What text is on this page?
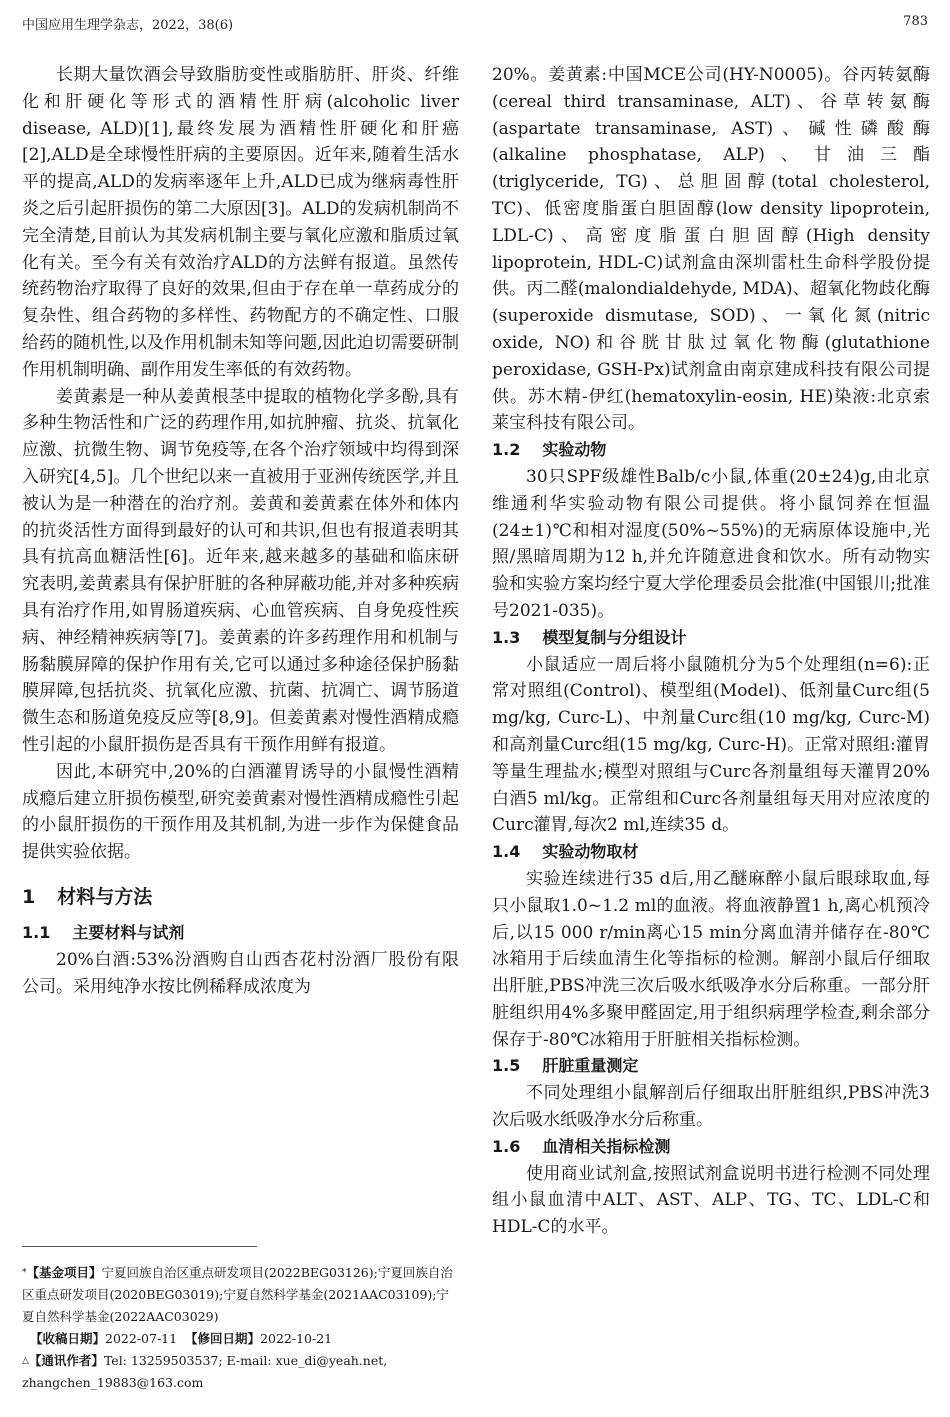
中国应用生理学杂志，2022，38(6)	783

长期大量饮酒会导致脂肪变性或脂肪肝、肝炎、纤维化和肝硬化等形式的酒精性肝病(alcoholic liver disease, ALD)[1],最终发展为酒精性肝硬化和肝癌[2],ALD是全球慢性肝病的主要原因。近年来,随着生活水平的提高,ALD的发病率逐年上升,ALD已成为继病毒性肝炎之后引起肝损伤的第二大原因[3]。ALD的发病机制尚不完全清楚,目前认为其发病机制主要与氧化应激和脂质过氧化有关。至今有关有效治疗ALD的方法鲜有报道。虽然传统药物治疗取得了良好的效果,但由于存在单一草药成分的复杂性、组合药物的多样性、药物配方的不确定性、口服给药的随机性,以及作用机制未知等问题,因此迫切需要研制作用机制明确、副作用发生率低的有效药物。

姜黄素是一种从姜黄根茎中提取的植物化学多酚,具有多种生物活性和广泛的药理作用,如抗肿瘤、抗炎、抗氧化应激、抗微生物、调节免疫等,在各个治疗领域中均得到深入研究[4,5]。几个世纪以来一直被用于亚洲传统医学,并且被认为是一种潜在的治疗剂。姜黄和姜黄素在体外和体内的抗炎活性方面得到最好的认可和共识,但也有报道表明其具有抗高血糖活性[6]。近年来,越来越多的基础和临床研究表明,姜黄素具有保护肝脏的各种屏蔽功能,并对多种疾病具有治疗作用,如胃肠道疾病、心血管疾病、自身免疫性疾病、神经精神疾病等[7]。姜黄素的许多药理作用和机制与肠黏膜屏障的保护作用有关,它可以通过多种途径保护肠黏膜屏障,包括抗炎、抗氧化应激、抗菌、抗凋亡、调节肠道微生态和肠道免疫反应等[8,9]。但姜黄素对慢性酒精成瘾性引起的小鼠肝损伤是否具有干预作用鲜有报道。

因此,本研究中,20%的白酒灌胃诱导的小鼠慢性酒精成瘾后建立肝损伤模型,研究姜黄素对慢性酒精成瘾性引起的小鼠肝损伤的干预作用及其机制,为进一步作为保健食品提供实验依据。

1 材料与方法
1.1 主要材料与试剂

20%白酒:53%汾酒购自山西杏花村汾酒厂股份有限公司。采用纯净水按比例稀释成浓度为

20%。姜黄素:中国MCE公司(HY-N0005)。谷丙转氨酶(cereal third transaminase, ALT)、谷草转氨酶(aspartate transaminase, AST)、碱性磷酸酶(alkaline phosphatase, ALP)、甘油三酯(triglyceride, TG)、总胆固醇(total cholesterol, TC)、低密度脂蛋白胆固醇(low density lipoprotein, LDL-C)、高密度脂蛋白胆固醇(High density lipoprotein, HDL-C)试剂盒由深圳雷杜生命科学股份提供。丙二醛(malondialdehyde, MDA)、超氧化物歧化酶(superoxide dismutase, SOD)、一氧化氮(nitric oxide, NO)和谷胱甘肽过氧化物酶(glutathione peroxidase, GSH-Px)试剂盒由南京建成科技有限公司提供。苏木精-伊红(hematoxylin-eosin, HE)染液:北京索莱宝科技有限公司。

1.2 实验动物

30只SPF级雄性Balb/c小鼠,体重(20±24)g,由北京维通利华实验动物有限公司提供。将小鼠饲养在恒温(24±1)℃和相对湿度(50%~55%)的无病原体设施中,光照/黑暗周期为12 h,并允许随意进食和饮水。所有动物实验和实验方案均经宁夏大学伦理委员会批准(中国银川;批准号2021-035)。

1.3 模型复制与分组设计

小鼠适应一周后将小鼠随机分为5个处理组(n=6):正常对照组(Control)、模型组(Model)、低剂量Curc组(5 mg/kg, Curc-L)、中剂量Curc组(10 mg/kg, Curc-M)和高剂量Curc组(15 mg/kg, Curc-H)。正常对照组:灌胃等量生理盐水;模型对照组与Curc各剂量组每天灌胃20%白酒5 ml/kg。正常组和Curc各剂量组每天用对应浓度的Curc灌胃,每次2 ml,连续35 d。

1.4 实验动物取材

实验连续进行35 d后,用乙醚麻醉小鼠后眼球取血,每只小鼠取1.0~1.2 ml的血液。将血液静置1 h,离心机预冷后,以15 000 r/min离心15 min分离血清并储存在-80℃冰箱用于后续血清生化等指标的检测。解剖小鼠后仔细取出肝脏,PBS冲洗三次后吸水纸吸净水分后称重。一部分肝脏组织用4%多聚甲醛固定,用于组织病理学检查,剩余部分保存于-80℃冰箱用于肝脏相关指标检测。

1.5 肝脏重量测定

不同处理组小鼠解剖后仔细取出肝脏组织,PBS冲洗3次后吸水纸吸净水分后称重。

1.6 血清相关指标检测

使用商业试剂盒,按照试剂盒说明书进行检测不同处理组小鼠血清中ALT、AST、ALP、TG、TC、LDL-C和HDL-C的水平。

*【基金项目】宁夏回族自治区重点研发项目(2022BEG03126);宁夏回族自治区重点研发项目(2020BEG03019);宁夏自然科学基金(2021AAC03109);宁夏自然科学基金(2022AAC03029)

【收稿日期】2022-07-11 【修回日期】2022-10-21

△【通讯作者】Tel: 13259503537; E-mail: xue_di@yeah.net, zhangchen_19883@163.com
